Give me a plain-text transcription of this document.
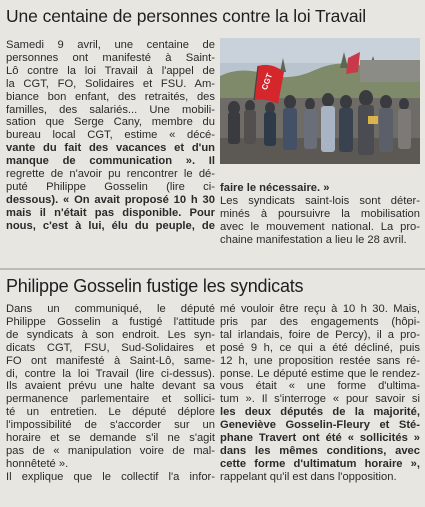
Une centaine de personnes contre la loi Travail
Samedi 9 avril, une centaine de
personnes ont manifesté à Saint-
Lô contre la loi Travail à l'appel de
la CGT, FO, Solidaires et FSU. Am-
biance bon enfant, des retraités, des
familles, des salariés... Une mobili-
sation que Serge Cany, membre du
bureau local CGT, estime « décé-
vante du fait des vacances et d'un
manque de communication ». Il
regrette de n'avoir pu rencontrer le dé-
puté Philippe Gosselin (lire ci-
dessous). « On avait proposé 10 h 30
mais il n'était pas disponible. Pour
nous, c'est à lui, élu du peuple, de
CGT
faire le nécessaire. »
Les syndicats saint-lois sont déter-
minés à poursuivre la mobilisation
avec le mouvement national. La pro-
chaine manifestation a lieu le 28 avril.
Philippe Gosselin fustige les syndicats
Dans un communiqué, le député
Philippe Gosselin a fustigé l'attitude
de syndicats à son endroit. Les syn-
dicats CGT, FSU, Sud-Solidaires et
FO ont manifesté à Saint-Lô, same-
di, contre la loi Travail (lire ci-dessus).
Ils avaient prévu une halte devant sa
permanence parlementaire et sollici-
té un entretien. Le député déplore
l'impossibilité de s'accorder sur un
horaire et se demande s'il ne s'agit
pas de « manipulation voire de mal-
honnêteté ».
Il explique que le collectif l'a infor-
mé vouloir être reçu à 10 h 30. Mais,
pris par des engagements (hôpi-
tal irlandais, foire de Percy), il a pro-
posé 9 h, ce qui a été décliné, puis
12 h, une proposition restée sans ré-
ponse. Le député estime que le rendez-
vous était « une forme d'ultima-
tum ». Il s'interroge « pour savoir si
les deux députés de la majorité,
Geneviève Gosselin-Fleury et Sté-
phane Travert ont été « sollicités »
dans les mêmes conditions, avec
cette forme d'ultimatum horaire »,
rappelant qu'il est dans l'opposition.
